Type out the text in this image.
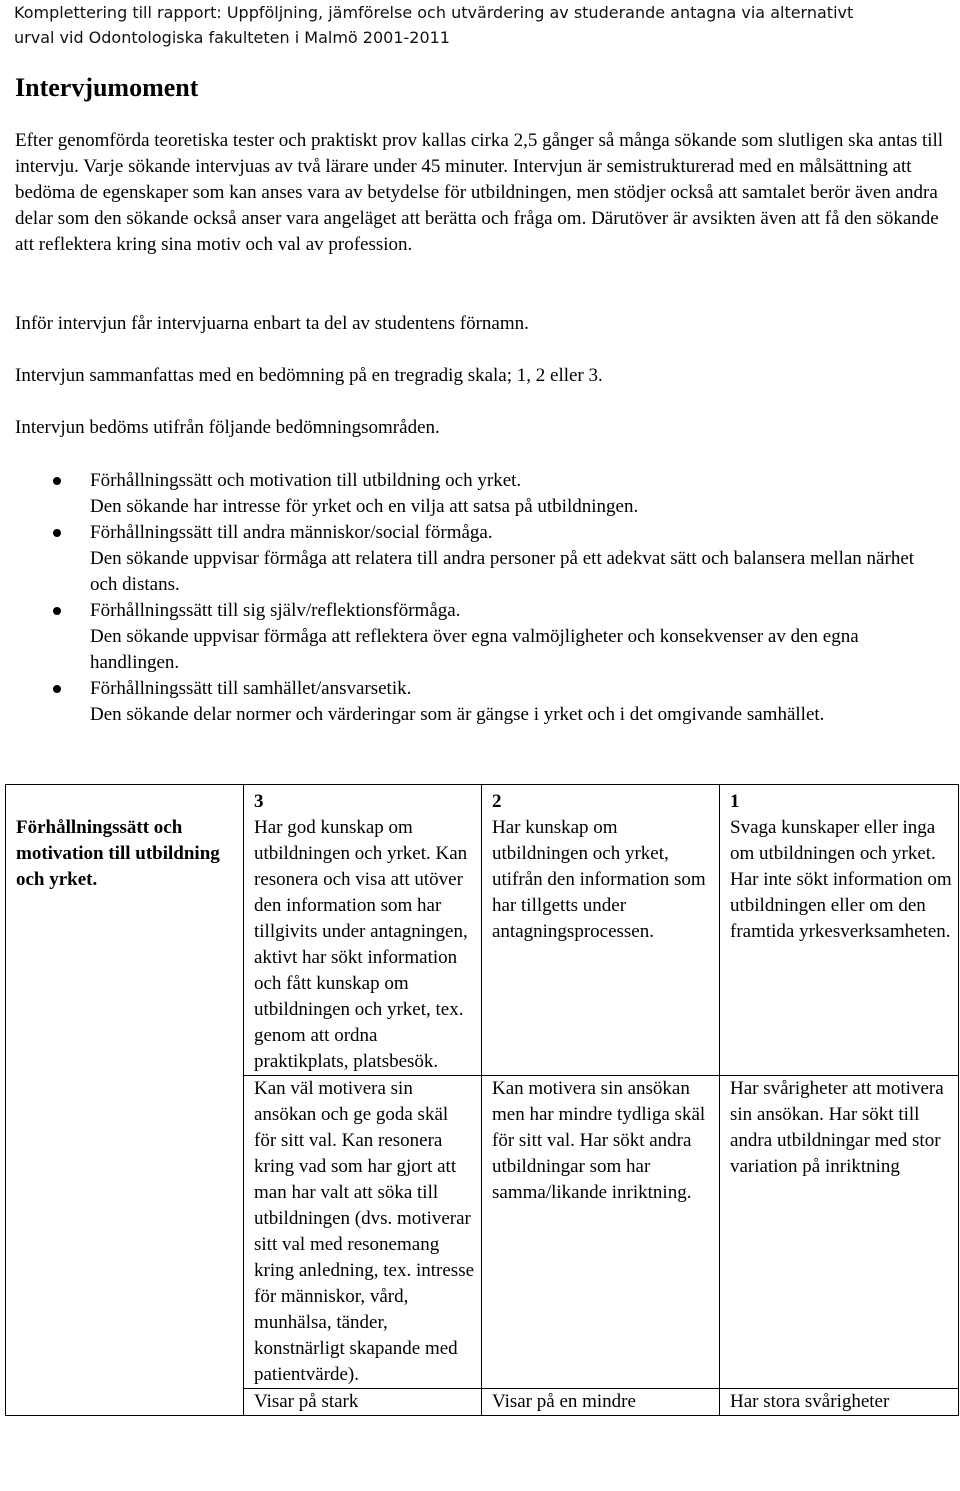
Komplettering till rapport: Uppföljning, jämförelse och utvärdering av studerande antagna via alternativt
urval vid Odontologiska fakulteten i Malmö 2001-2011
Intervjumoment
Efter genomförda teoretiska tester och praktiskt prov kallas cirka 2,5 gånger så många sökande som slutligen ska antas till intervju. Varje sökande intervjuas av två lärare under 45 minuter. Intervjun är semistrukturerad med en målsättning att bedöma de egenskaper som kan anses vara av betydelse för utbildningen, men stödjer också att samtalet berör även andra delar som den sökande också anser vara angeläget att berätta och fråga om. Därutöver är avsikten även att få den sökande att reflektera kring sina motiv och val av profession.
Inför intervjun får intervjuarna enbart ta del av studentens förnamn.
Intervjun sammanfattas med en bedömning på en tregradig skala; 1, 2 eller 3.
Intervjun bedöms utifrån följande bedömningsområden.
Förhållningssätt och motivation till utbildning och yrket.
Den sökande har intresse för yrket och en vilja att satsa på utbildningen.
Förhållningssätt till andra människor/social förmåga.
Den sökande uppvisar förmåga att relatera till andra personer på ett adekvat sätt och balansera mellan närhet och distans.
Förhållningssätt till sig själv/reflektionsförmåga.
Den sökande uppvisar förmåga att reflektera över egna valmöjligheter och konsekvenser av den egna handlingen.
Förhållningssätt till samhället/ansvarsetik.
Den sökande delar normer och värderingar som är gängse i yrket och i det omgivande samhället.
Förhållningssätt och motivation till utbildning och yrket.	3	2	1
	Har god kunskap om utbildningen och yrket. Kan resonera och visa att utöver den information som har tillgivits under antagningen, aktivt har sökt information och fått kunskap om utbildningen och yrket, tex. genom att ordna praktikplats, platsbesök.	Har kunskap om utbildningen och yrket, utifrån den information som har tillgetts under antagningsprocessen.	Svaga kunskaper eller inga om utbildningen och yrket. Har inte sökt information om utbildningen eller om den framtida yrkesverksamheten.
	Kan väl motivera sin ansökan och ge goda skäl för sitt val. Kan resonera kring vad som har gjort att man har valt att söka till utbildningen (dvs. motiverar sitt val med resonemang kring anledning, tex. intresse för människor, vård, munhälsa, tänder, konstnärligt skapande med patientvärde).	Kan motivera sin ansökan men har mindre tydliga skäl för sitt val. Har sökt andra utbildningar som har samma/likande inriktning.	Har svårigheter att motivera sin ansökan. Har sökt till andra utbildningar med stor variation på inriktning
	Visar på stark	Visar på en mindre	Har stora svårigheter
